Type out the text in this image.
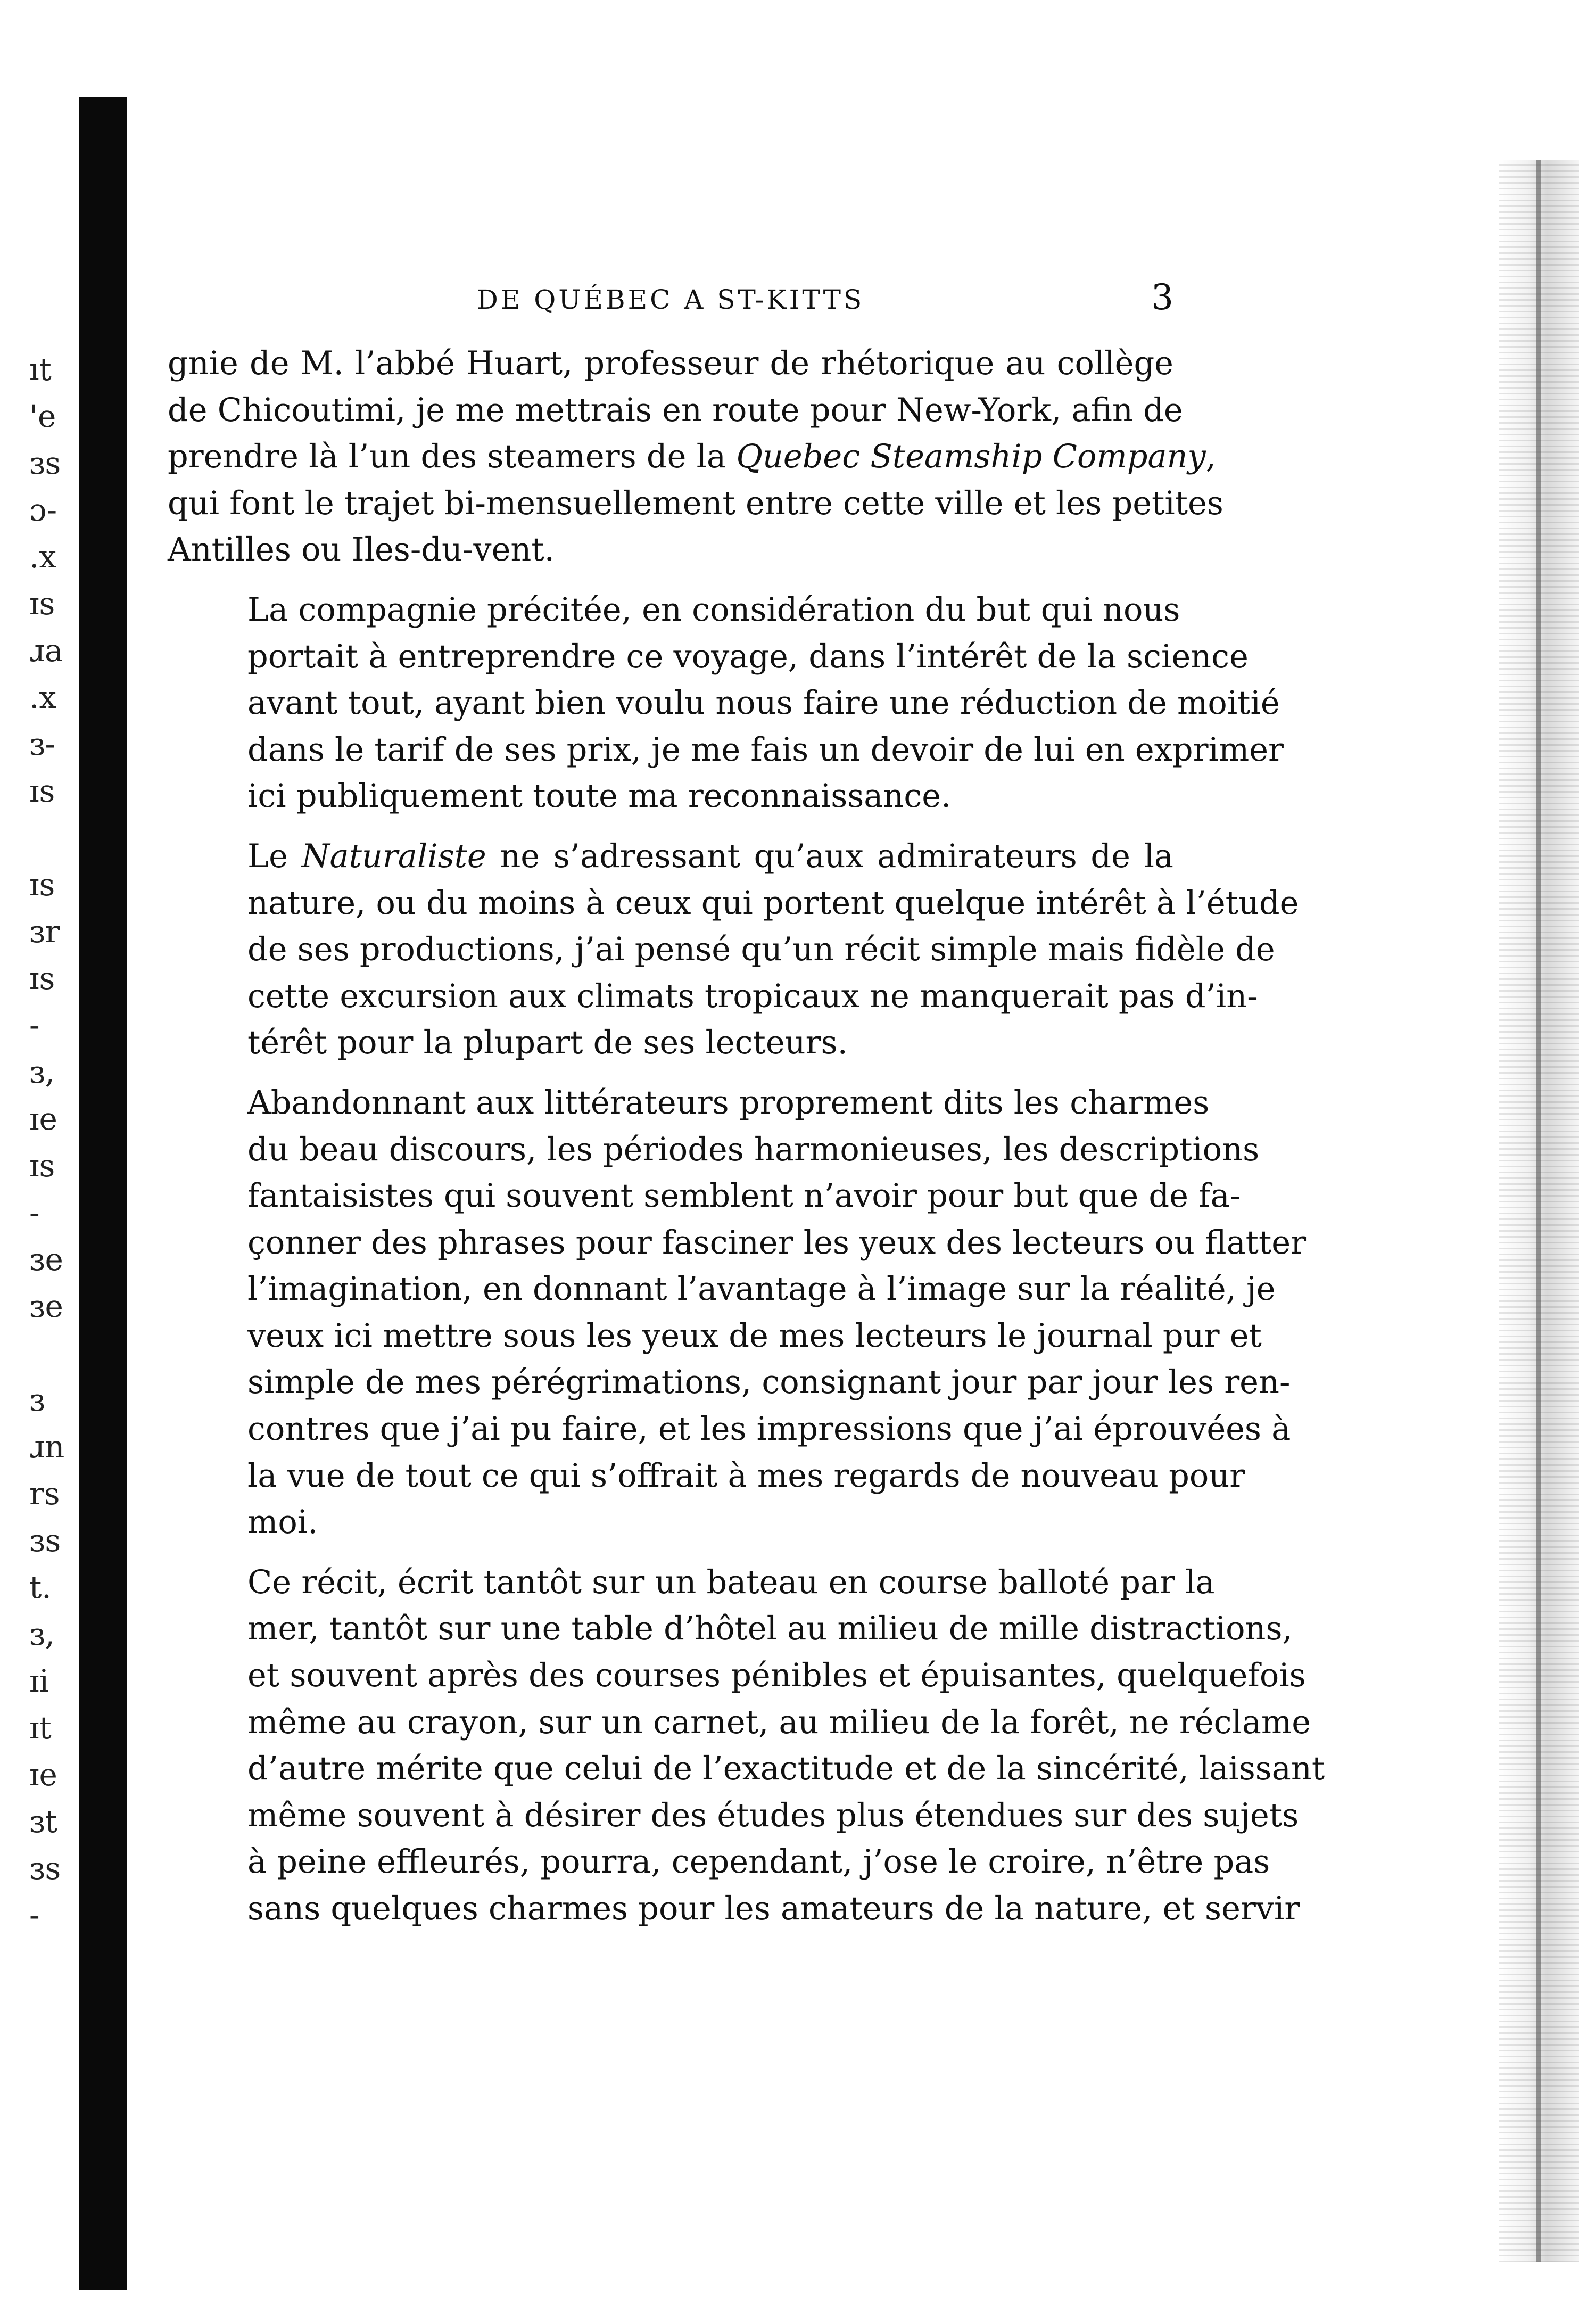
ıt
'e
ɜs
ɔ-
.x
ɪs
ɹa
.x
ɜ-
ɪs
ɪs
ɜr
ɪs
-
ɜ,
ɪe
ɪs
-
ɜe
ɜe
ɜ
ɹn
rs
ɜs
t.
ɜ,
ɪi
ɪt
ɪe
ɜt
ɜs
-
DE QUÉBEC A ST-KITTS	3

gnie de M. l’abbé Huart, professeur de rhétorique au collège
de Chicoutimi, je me mettrais en route pour New-York, afin de
prendre là l’un des steamers de la Quebec Steamship Company,
qui font le trajet bi-mensuellement entre cette ville et les petites
Antilles ou Iles-du-vent.

La compagnie précitée, en considération du but qui nous
portait à entreprendre ce voyage, dans l’intérêt de la science
avant tout, ayant bien voulu nous faire une réduction de moitié
dans le tarif de ses prix, je me fais un devoir de lui en exprimer
ici publiquement toute ma reconnaissance.

Le Naturaliste ne s’adressant qu’aux admirateurs de la
nature, ou du moins à ceux qui portent quelque intérêt à l’étude
de ses productions, j’ai pensé qu’un récit simple mais fidèle de
cette excursion aux climats tropicaux ne manquerait pas d’in-
térêt pour la plupart de ses lecteurs.

Abandonnant aux littérateurs proprement dits les charmes
du beau discours, les périodes harmonieuses, les descriptions
fantaisistes qui souvent semblent n’avoir pour but que de fa-
çonner des phrases pour fasciner les yeux des lecteurs ou flatter
l’imagination, en donnant l’avantage à l’image sur la réalité, je
veux ici mettre sous les yeux de mes lecteurs le journal pur et
simple de mes pérégrimations, consignant jour par jour les ren-
contres que j’ai pu faire, et les impressions que j’ai éprouvées à
la vue de tout ce qui s’offrait à mes regards de nouveau pour
moi.

Ce récit, écrit tantôt sur un bateau en course balloté par la
mer, tantôt sur une table d’hôtel au milieu de mille distractions,
et souvent après des courses pénibles et épuisantes, quelquefois
même au crayon, sur un carnet, au milieu de la forêt, ne réclame
d’autre mérite que celui de l’exactitude et de la sincérité, laissant
même souvent à désirer des études plus étendues sur des sujets
à peine effleurés, pourra, cependant, j’ose le croire, n’être pas
sans quelques charmes pour les amateurs de la nature, et servir
